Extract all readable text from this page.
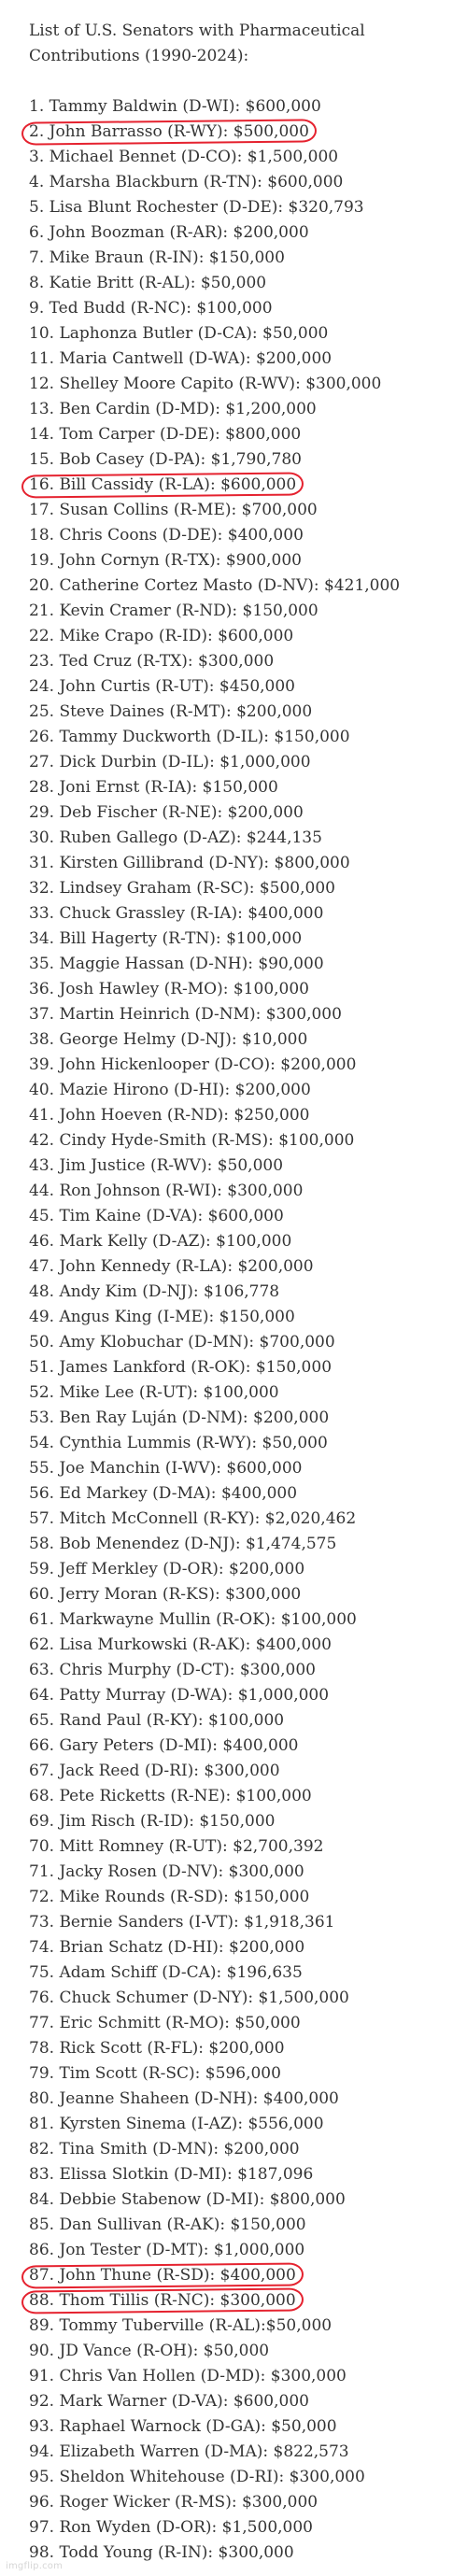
List of U.S. Senators with Pharmaceutical Contributions (1990-2024):

1. Tammy Baldwin (D-WI): $600,000
2. John Barrasso (R-WY): $500,000
3. Michael Bennet (D-CO): $1,500,000
4. Marsha Blackburn (R-TN): $600,000
5. Lisa Blunt Rochester (D-DE): $320,793
6. John Boozman (R-AR): $200,000
7. Mike Braun (R-IN): $150,000
8. Katie Britt (R-AL): $50,000
9. Ted Budd (R-NC): $100,000
10. Laphonza Butler (D-CA): $50,000
11. Maria Cantwell (D-WA): $200,000
12. Shelley Moore Capito (R-WV): $300,000
13. Ben Cardin (D-MD): $1,200,000
14. Tom Carper (D-DE): $800,000
15. Bob Casey (D-PA): $1,790,780
16. Bill Cassidy (R-LA): $600,000
17. Susan Collins (R-ME): $700,000
18. Chris Coons (D-DE): $400,000
19. John Cornyn (R-TX): $900,000
20. Catherine Cortez Masto (D-NV): $421,000
21. Kevin Cramer (R-ND): $150,000
22. Mike Crapo (R-ID): $600,000
23. Ted Cruz (R-TX): $300,000
24. John Curtis (R-UT): $450,000
25. Steve Daines (R-MT): $200,000
26. Tammy Duckworth (D-IL): $150,000
27. Dick Durbin (D-IL): $1,000,000
28. Joni Ernst (R-IA): $150,000
29. Deb Fischer (R-NE): $200,000
30. Ruben Gallego (D-AZ): $244,135
31. Kirsten Gillibrand (D-NY): $800,000
32. Lindsey Graham (R-SC): $500,000
33. Chuck Grassley (R-IA): $400,000
34. Bill Hagerty (R-TN): $100,000
35. Maggie Hassan (D-NH): $90,000
36. Josh Hawley (R-MO): $100,000
37. Martin Heinrich (D-NM): $300,000
38. George Helmy (D-NJ): $10,000
39. John Hickenlooper (D-CO): $200,000
40. Mazie Hirono (D-HI): $200,000
41. John Hoeven (R-ND): $250,000
42. Cindy Hyde-Smith (R-MS): $100,000
43. Jim Justice (R-WV): $50,000
44. Ron Johnson (R-WI): $300,000
45. Tim Kaine (D-VA): $600,000
46. Mark Kelly (D-AZ): $100,000
47. John Kennedy (R-LA): $200,000
48. Andy Kim (D-NJ): $106,778
49. Angus King (I-ME): $150,000
50. Amy Klobuchar (D-MN): $700,000
51. James Lankford (R-OK): $150,000
52. Mike Lee (R-UT): $100,000
53. Ben Ray Luján (D-NM): $200,000
54. Cynthia Lummis (R-WY): $50,000
55. Joe Manchin (I-WV): $600,000
56. Ed Markey (D-MA): $400,000
57. Mitch McConnell (R-KY): $2,020,462
58. Bob Menendez (D-NJ): $1,474,575
59. Jeff Merkley (D-OR): $200,000
60. Jerry Moran (R-KS): $300,000
61. Markwayne Mullin (R-OK): $100,000
62. Lisa Murkowski (R-AK): $400,000
63. Chris Murphy (D-CT): $300,000
64. Patty Murray (D-WA): $1,000,000
65. Rand Paul (R-KY): $100,000
66. Gary Peters (D-MI): $400,000
67. Jack Reed (D-RI): $300,000
68. Pete Ricketts (R-NE): $100,000
69. Jim Risch (R-ID): $150,000
70. Mitt Romney (R-UT): $2,700,392
71. Jacky Rosen (D-NV): $300,000
72. Mike Rounds (R-SD): $150,000
73. Bernie Sanders (I-VT): $1,918,361
74. Brian Schatz (D-HI): $200,000
75. Adam Schiff (D-CA): $196,635
76. Chuck Schumer (D-NY): $1,500,000
77. Eric Schmitt (R-MO): $50,000
78. Rick Scott (R-FL): $200,000
79. Tim Scott (R-SC): $596,000
80. Jeanne Shaheen (D-NH): $400,000
81. Kyrsten Sinema (I-AZ): $556,000
82. Tina Smith (D-MN): $200,000
83. Elissa Slotkin (D-MI): $187,096
84. Debbie Stabenow (D-MI): $800,000
85. Dan Sullivan (R-AK): $150,000
86. Jon Tester (D-MT): $1,000,000
87. John Thune (R-SD): $400,000
88. Thom Tillis (R-NC): $300,000
89. Tommy Tuberville (R-AL):$50,000
90. JD Vance (R-OH): $50,000
91. Chris Van Hollen (D-MD): $300,000
92. Mark Warner (D-VA): $600,000
93. Raphael Warnock (D-GA): $50,000
94. Elizabeth Warren (D-MA): $822,573
95. Sheldon Whitehouse (D-RI): $300,000
96. Roger Wicker (R-MS): $300,000
97. Ron Wyden (D-OR): $1,500,000
98. Todd Young (R-IN): $300,000
imgflip.com
